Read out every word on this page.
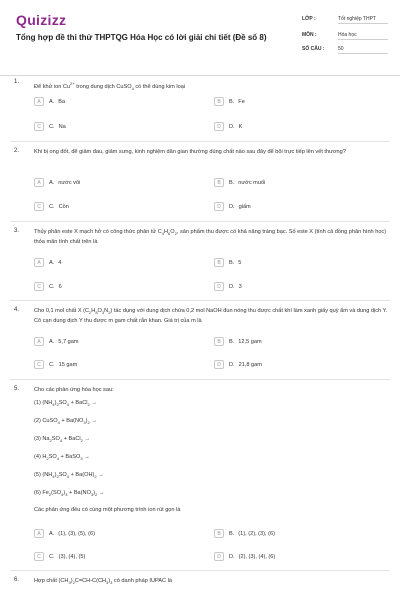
Quizizz
Tổng hợp đề thi thử THPTQG Hóa Học có lời giải chi tiết (Đề số 8)
LỚP :	Tốt nghiệp THPT
MÔN :	Hóa học
SỐ CÂU :	50
1.
Để khử ion $Cu^{2+}$ trong dung dịch CuSO$_4$ có thể dùng kim loại
A	A. Ba	B	B. Fe
C	C. Na	D	D. K
2.	Khi bị ong đốt, để giảm đau, giảm sưng, kinh nghiệm dân gian thường dùng chất nào sau đây để bôi trực tiếp lên vết thương?
A	A. nước vôi	B	B. nước muối
C	C. Cồn	D	D. giấm
3.	Thủy phân este X mạch hở có công thức phân tử $C_4H_6O_2$, sản phẩm thu được có khả năng tráng bạc. Số este X (tính cả đồng phân hình học) thỏa mãn tính chất trên là
A	A. 4	B	B. 5
C	C. 6	D	D. 3
4.	Cho 0,1 mol chất X $(C_2H_8O_3N_2)$ tác dụng với dung dịch chứa 0,2 mol NaOH đun nóng thu được chất khí làm xanh giấy quỳ ẩm và dung dịch Y. Cô cạn dung dịch Y thu được m gam chất rắn khan. Giá trị của m là
A	A. 5,7 gam	B	B. 12,5 gam
C	C. 15 gam	D	D. 21,8 gam
5.	Cho các phản ứng hóa học sau:
(1) $(NH_4)_2SO_4$ + BaCl$_2$ →
(2) CuSO$_4$ + $Ba(NO_3)_2$ →
(3) $Na_2SO_4$ + BaCl$_2$ →
(4) $H_2SO_4$ + BaSO$_3$ →
(5) $(NH_4)_2SO_4 + Ba(OH)_2$ →
(6) $Fe_2(SO_4)_3 + Ba(NO_3)_2$ →
Các phản ứng đều có cùng một phương trình ion rút gọn là
A	A. (1), (3), (5), (6)	B	B. (1), (2), (3), (6)
C	C. (3), (4), (5)	D	D. (2), (3), (4), (6)
6.	Hợp chất $(CH_3)_2C=CH-C(CH_3)_3$ có danh pháp IUPAC là
